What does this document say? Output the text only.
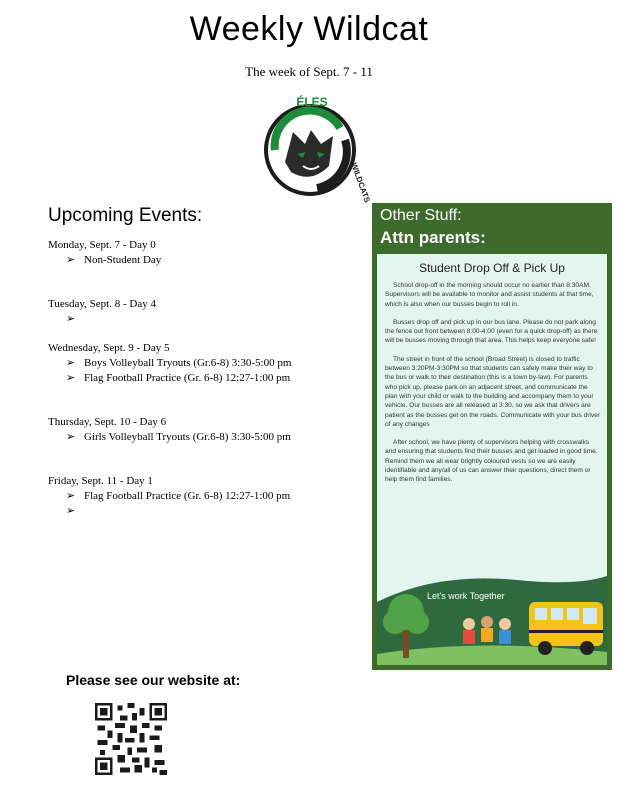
Weekly Wildcat
The week of Sept. 7 - 11
ÉLES
WILDCATS
Upcoming Events:
Monday, Sept. 7 - Day 0
➢ Non-Student Day
Tuesday, Sept. 8 - Day 4
➢
Wednesday, Sept. 9 - Day 5
➢ Boys Volleyball Tryouts (Gr.6-8) 3:30-5:00 pm
➢ Flag Football Practice (Gr. 6-8) 12:27-1:00 pm
Thursday, Sept. 10 - Day 6
➢ Girls Volleyball Tryouts (Gr.6-8) 3:30-5:00 pm
Friday, Sept. 11 - Day 1
➢ Flag Football Practice (Gr. 6-8) 12:27-1:00 pm
➢
Other Stuff:
Attn parents:
Student Drop Off & Pick Up

School drop-off in the morning should occur no earlier than 8:30AM. Supervisors will be available to monitor and assist students at that time, which is also when our busses begin to roll in.

Busses drop off and pick up in our bus lane. Please do not park along the fence out front between 8:00-4:00 (even for a quick drop-off) as there will be busses moving through that area. This helps keep everyone safe!

The street in front of the school (Broad Street) is closed to traffic between 3:20PM-3:30PM so that students can safely make their way to the bus or walk to their destination (this is a town by-law). For parents who pick up, please park on an adjacent street, and communicate the plan with your child or walk to the building and accompany them to your vehicle. Our busses are all released at 3:30, so we ask that drivers are patient as the busses get on the roads. Communicate with your bus driver of any changes

After school, we have plenty of supervisors helping with crosswalks and ensuring that students find their busses and get loaded in good time. Remind them we all wear brightly coloured vests so we are easily identifiable and any/all of us can answer their questions, direct them or help them find families.

Let's work Together
Please see our website at:
